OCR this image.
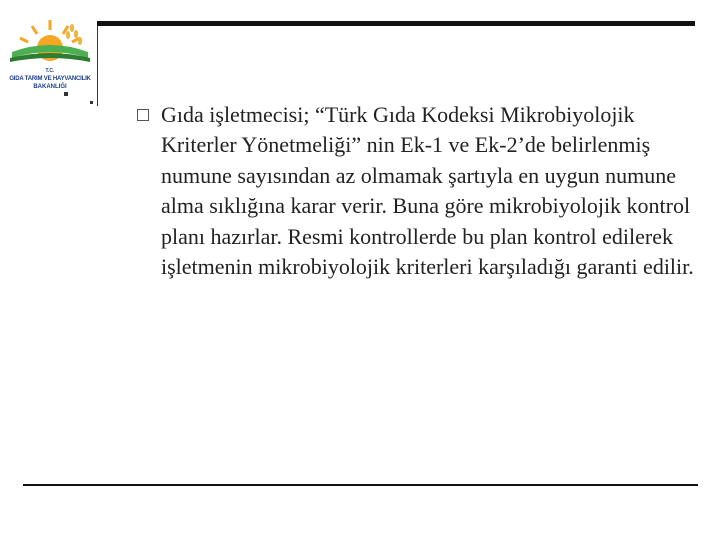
T.C.
GIDA TARIM VE HAYVANCILIK
BAKANLIĞI

Gıda işletmecisi; “Türk Gıda Kodeksi Mikrobiyolojik Kriterler Yönetmeliği” nin Ek-1 ve Ek-2’de belirlenmiş numune sayısından az olmamak şartıyla en uygun numune alma sıklığına karar verir. Buna göre mikrobiyolojik kontrol planı hazırlar. Resmi kontrollerde bu plan kontrol edilerek işletmenin mikrobiyolojik kriterleri karşıladığı garanti edilir.
